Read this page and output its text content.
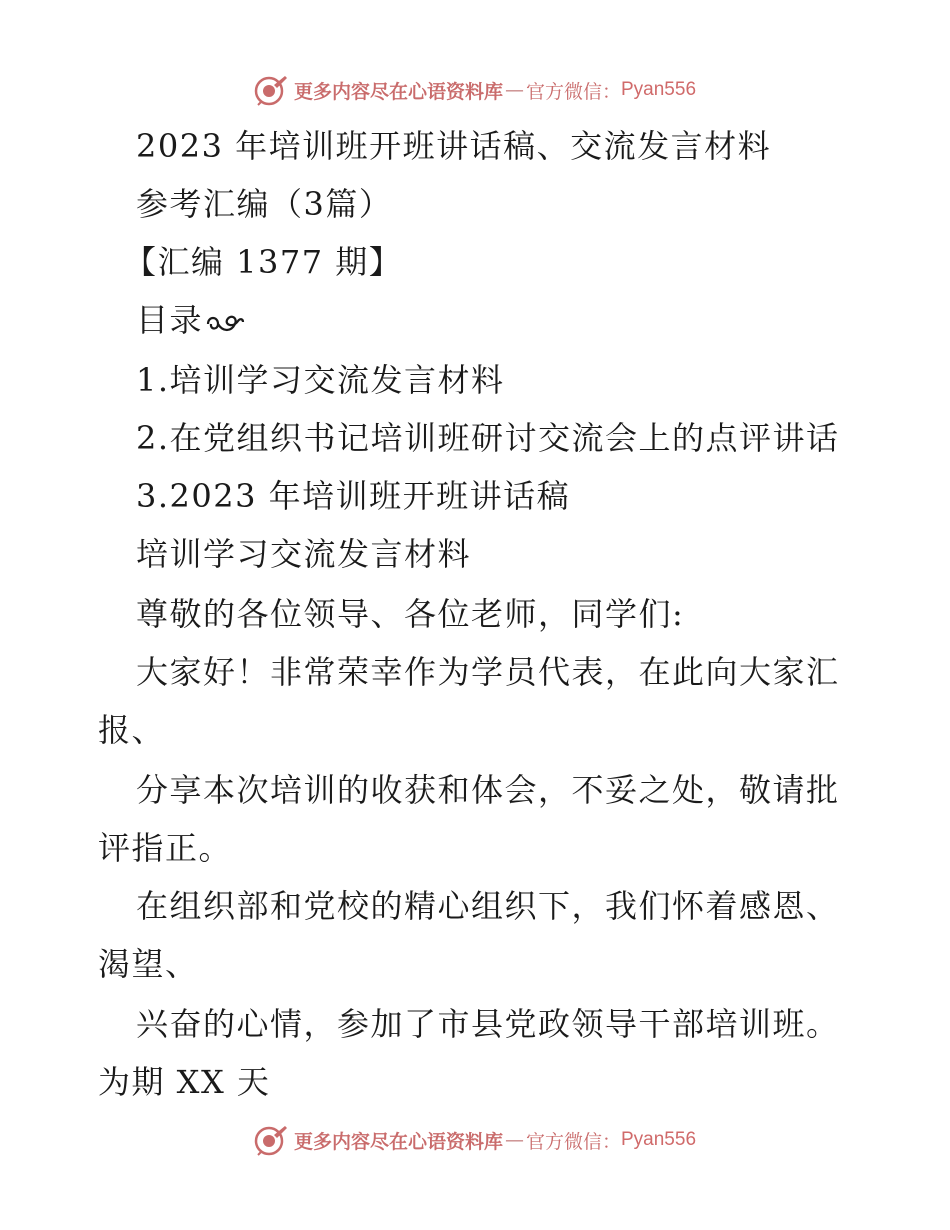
更多内容尽在心语资料库 — 官方微信： Pyan556
2023 年培训班开班讲话稿、交流发言材料
参考汇编（3篇）
【汇编 1377 期】
目录
1.培训学习交流发言材料
2.在党组织书记培训班研讨交流会上的点评讲话
3.2023 年培训班开班讲话稿
培训学习交流发言材料
尊敬的各位领导、各位老师，同学们:
大家好！非常荣幸作为学员代表，在此向大家汇
报、
分享本次培训的收获和体会，不妥之处，敬请批
评指正。
在组织部和党校的精心组织下，我们怀着感恩、
渴望、
兴奋的心情，参加了市县党政领导干部培训班。
为期 XX 天
更多内容尽在心语资料库 — 官方微信： Pyan556
